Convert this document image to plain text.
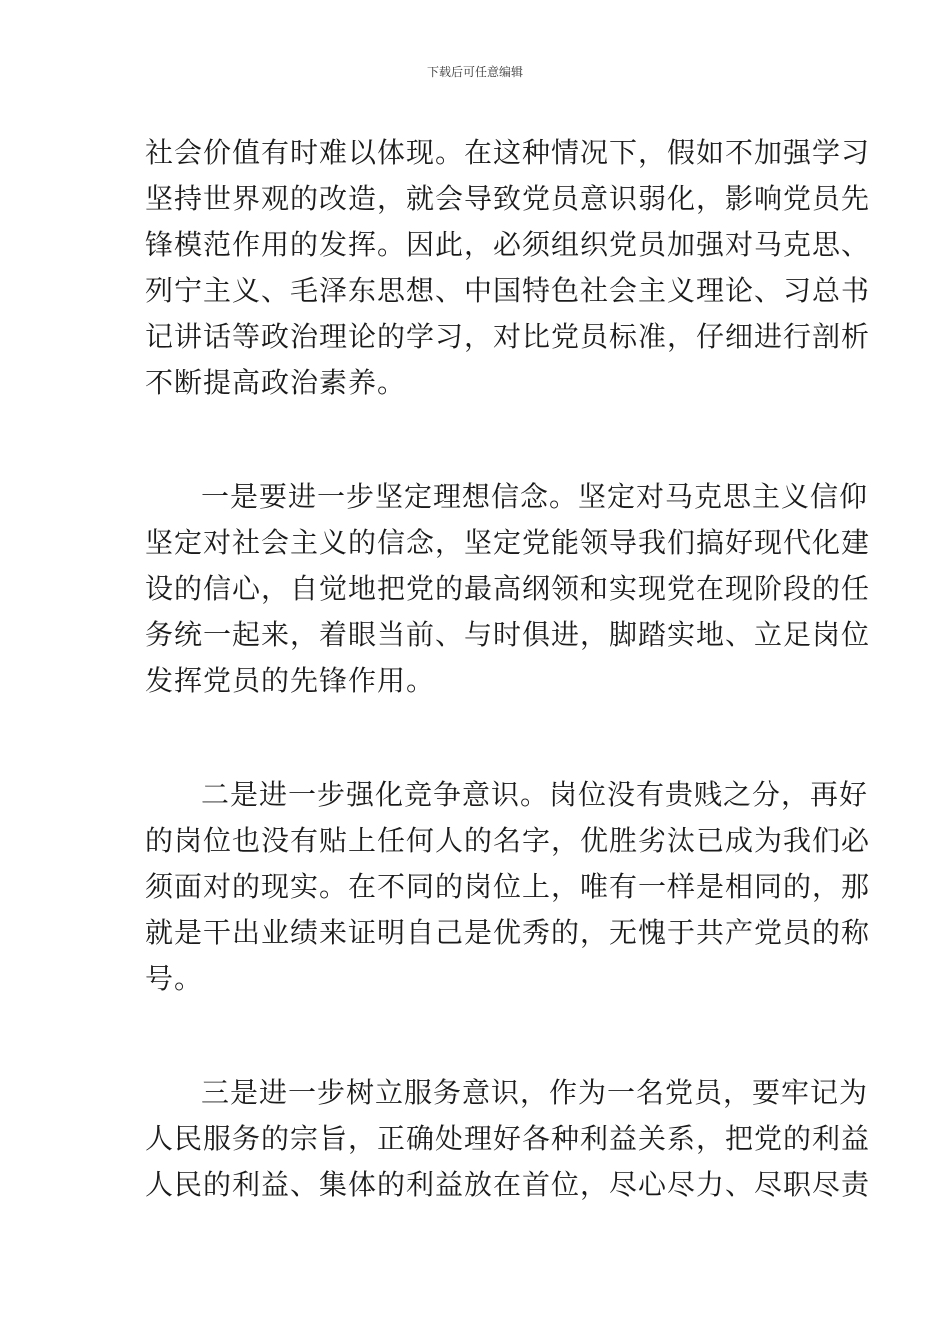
下载后可任意编辑
社会价值有时难以体现。在这种情况下，假如不加强学习
坚持世界观的改造，就会导致党员意识弱化，影响党员先
锋模范作用的发挥。因此，必须组织党员加强对马克思、
列宁主义、毛泽东思想、中国特色社会主义理论、习总书
记讲话等政治理论的学习，对比党员标准，仔细进行剖析
不断提高政治素养。
一是要进一步坚定理想信念。坚定对马克思主义信仰
坚定对社会主义的信念，坚定党能领导我们搞好现代化建
设的信心，自觉地把党的最高纲领和实现党在现阶段的任
务统一起来，着眼当前、与时俱进，脚踏实地、立足岗位
发挥党员的先锋作用。
二是进一步强化竞争意识。岗位没有贵贱之分，再好
的岗位也没有贴上任何人的名字，优胜劣汰已成为我们必
须面对的现实。在不同的岗位上，唯有一样是相同的，那
就是干出业绩来证明自己是优秀的，无愧于共产党员的称
号。
三是进一步树立服务意识，作为一名党员，要牢记为
人民服务的宗旨，正确处理好各种利益关系，把党的利益
人民的利益、集体的利益放在首位，尽心尽力、尽职尽责
